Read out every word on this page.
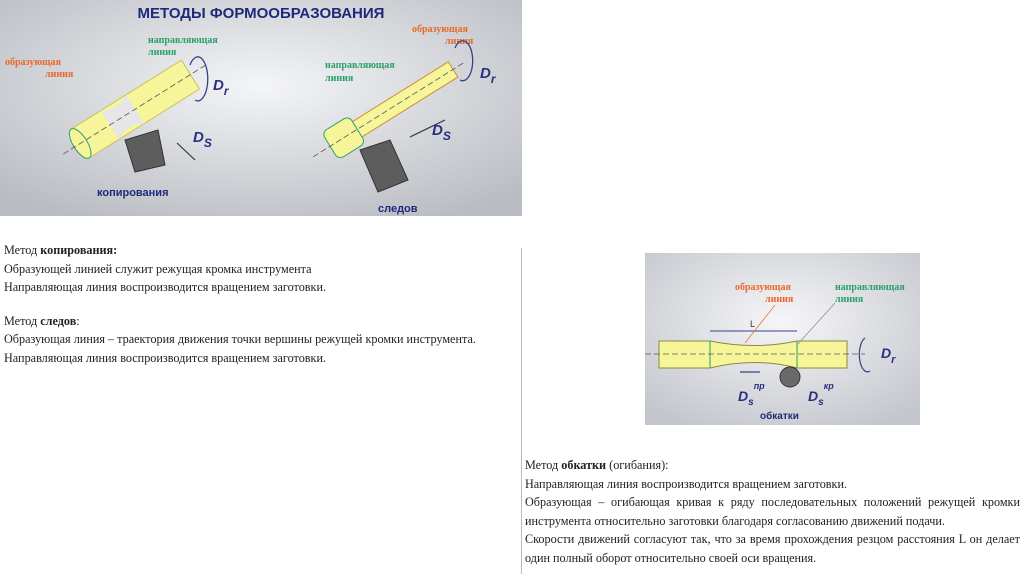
МЕТОДЫ ФОРМООБРАЗОВАНИЯ
образующая
линия
направляющая
линия
$D_r$
$D_S$
копирования
образующая
линия
направляющая
линия	$D_r$
$D_S$
следов
Метод копирования:
Образующей линией служит режущая кромка инструмента
Направляющая линия воспроизводится вращением заготовки.
Метод следов:
Образующая линия – траектория движения точки вершины режущей кромки инструмента.
Направляющая линия воспроизводится вращением заготовки.
L
образующая
линия
направляющая
линия
$D_r$
$D_s^{пр}$
$D_s^{кр}$
обкатки
Метод обкатки (огибания):
Направляющая линия воспроизводится вращением заготовки.
Образующая – огибающая кривая к ряду последовательных положений режущей кромки инструмента относительно заготовки благодаря согласованию движений подачи.
Скорости движений согласуют так, что за время прохождения резцом расстояния L он делает один полный оборот относительно своей оси вращения.
